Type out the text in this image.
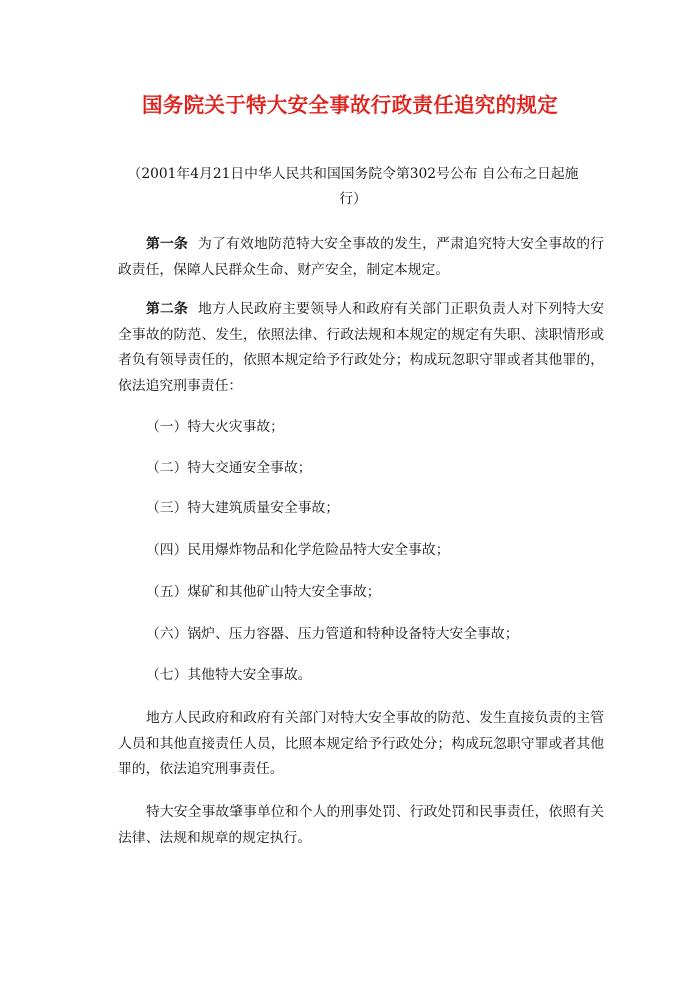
国务院关于特大安全事故行政责任追究的规定

（2001年4月21日中华人民共和国国务院令第302号公布 自公布之日起施行）

第一条 为了有效地防范特大安全事故的发生，严肃追究特大安全事故的行政责任，保障人民群众生命、财产安全，制定本规定。

第二条 地方人民政府主要领导人和政府有关部门正职负责人对下列特大安全事故的防范、发生，依照法律、行政法规和本规定的规定有失职、渎职情形或者负有领导责任的，依照本规定给予行政处分；构成玩忽职守罪或者其他罪的，依法追究刑事责任：

（一）特大火灾事故；

（二）特大交通安全事故；

（三）特大建筑质量安全事故；

（四）民用爆炸物品和化学危险品特大安全事故；

（五）煤矿和其他矿山特大安全事故；

（六）锅炉、压力容器、压力管道和特种设备特大安全事故；

（七）其他特大安全事故。

地方人民政府和政府有关部门对特大安全事故的防范、发生直接负责的主管人员和其他直接责任人员，比照本规定给予行政处分；构成玩忽职守罪或者其他罪的，依法追究刑事责任。

特大安全事故肇事单位和个人的刑事处罚、行政处罚和民事责任，依照有关法律、法规和规章的规定执行。
